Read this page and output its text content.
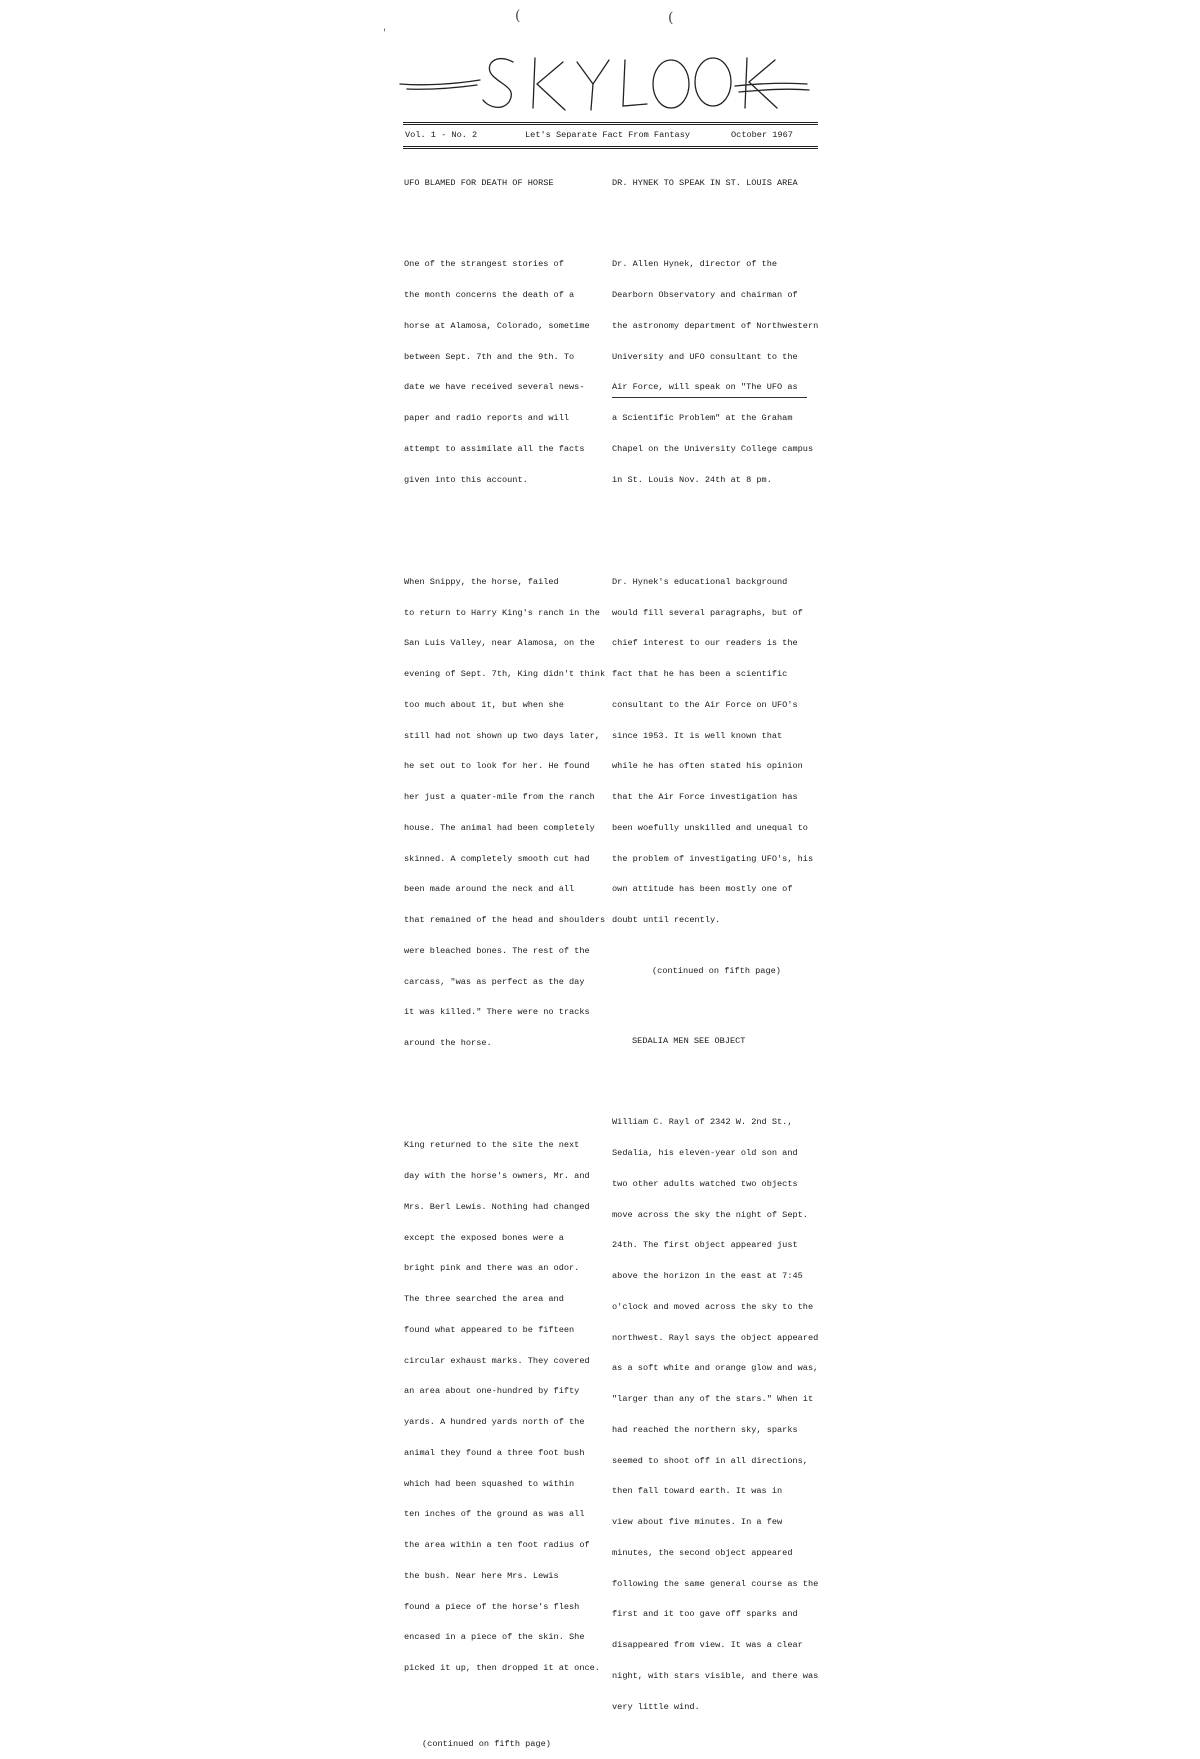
Vol. 1 - No. 2	Let's Separate Fact From Fantasy	October 1967

UFO BLAMED FOR DEATH OF HORSE

One of the strangest stories of

the month concerns the death of a

horse at Alamosa, Colorado, sometime

between Sept. 7th and the 9th. To

date we have received several news-

paper and radio reports and will

attempt to assimilate all the facts

given into this account.

When Snippy, the horse, failed

to return to Harry King's ranch in the

San Luis Valley, near Alamosa, on the

evening of Sept. 7th, King didn't think

too much about it, but when she

still had not shown up two days later,

he set out to look for her. He found

her just a quater-mile from the ranch

house. The animal had been completely

skinned. A completely smooth cut had

been made around the neck and all

that remained of the head and shoulders

were bleached bones. The rest of the

carcass, "was as perfect as the day

it was killed." There were no tracks

around the horse.

King returned to the site the next

day with the horse's owners, Mr. and

Mrs. Berl Lewis. Nothing had changed

except the exposed bones were a

bright pink and there was an odor.

The three searched the area and

found what appeared to be fifteen

circular exhaust marks. They covered

an area about one-hundred by fifty

yards. A hundred yards north of the

animal they found a three foot bush

which had been squashed to within

ten inches of the ground as was all

the area within a ten foot radius of

the bush. Near here Mrs. Lewis

found a piece of the horse's flesh

encased in a piece of the skin. She

picked it up, then dropped it at once.

(continued on fifth page)

DR. HYNEK TO SPEAK IN ST. LOUIS AREA

Dr. Allen Hynek, director of the

Dearborn Observatory and chairman of

the astronomy department of Northwestern

University and UFO consultant to the

Air Force, will speak on "The UFO as

a Scientific Problem" at the Graham

Chapel on the University College campus

in St. Louis Nov. 24th at 8 pm.

Dr. Hynek's educational background

would fill several paragraphs, but of

chief interest to our readers is the

fact that he has been a scientific

consultant to the Air Force on UFO's

since 1953. It is well known that

while he has often stated his opinion

that the Air Force investigation has

been woefully unskilled and unequal to

the problem of investigating UFO's, his

own attitude has been mostly one of

doubt until recently.

(continued on fifth page)

SEDALIA MEN SEE OBJECT

William C. Rayl of 2342 W. 2nd St.,

Sedalia, his eleven-year old son and

two other adults watched two objects

move across the sky the night of Sept.

24th. The first object appeared just

above the horizon in the east at 7:45

o'clock and moved across the sky to the

northwest. Rayl says the object appeared

as a soft white and orange glow and was,

"larger than any of the stars." When it

had reached the northern sky, sparks

seemed to shoot off in all directions,

then fall toward earth. It was in

view about five minutes. In a few

minutes, the second object appeared

following the same general course as the

first and it too gave off sparks and

disappeared from view. It was a clear

night, with stars visible, and there was

very little wind.

(	(
'
